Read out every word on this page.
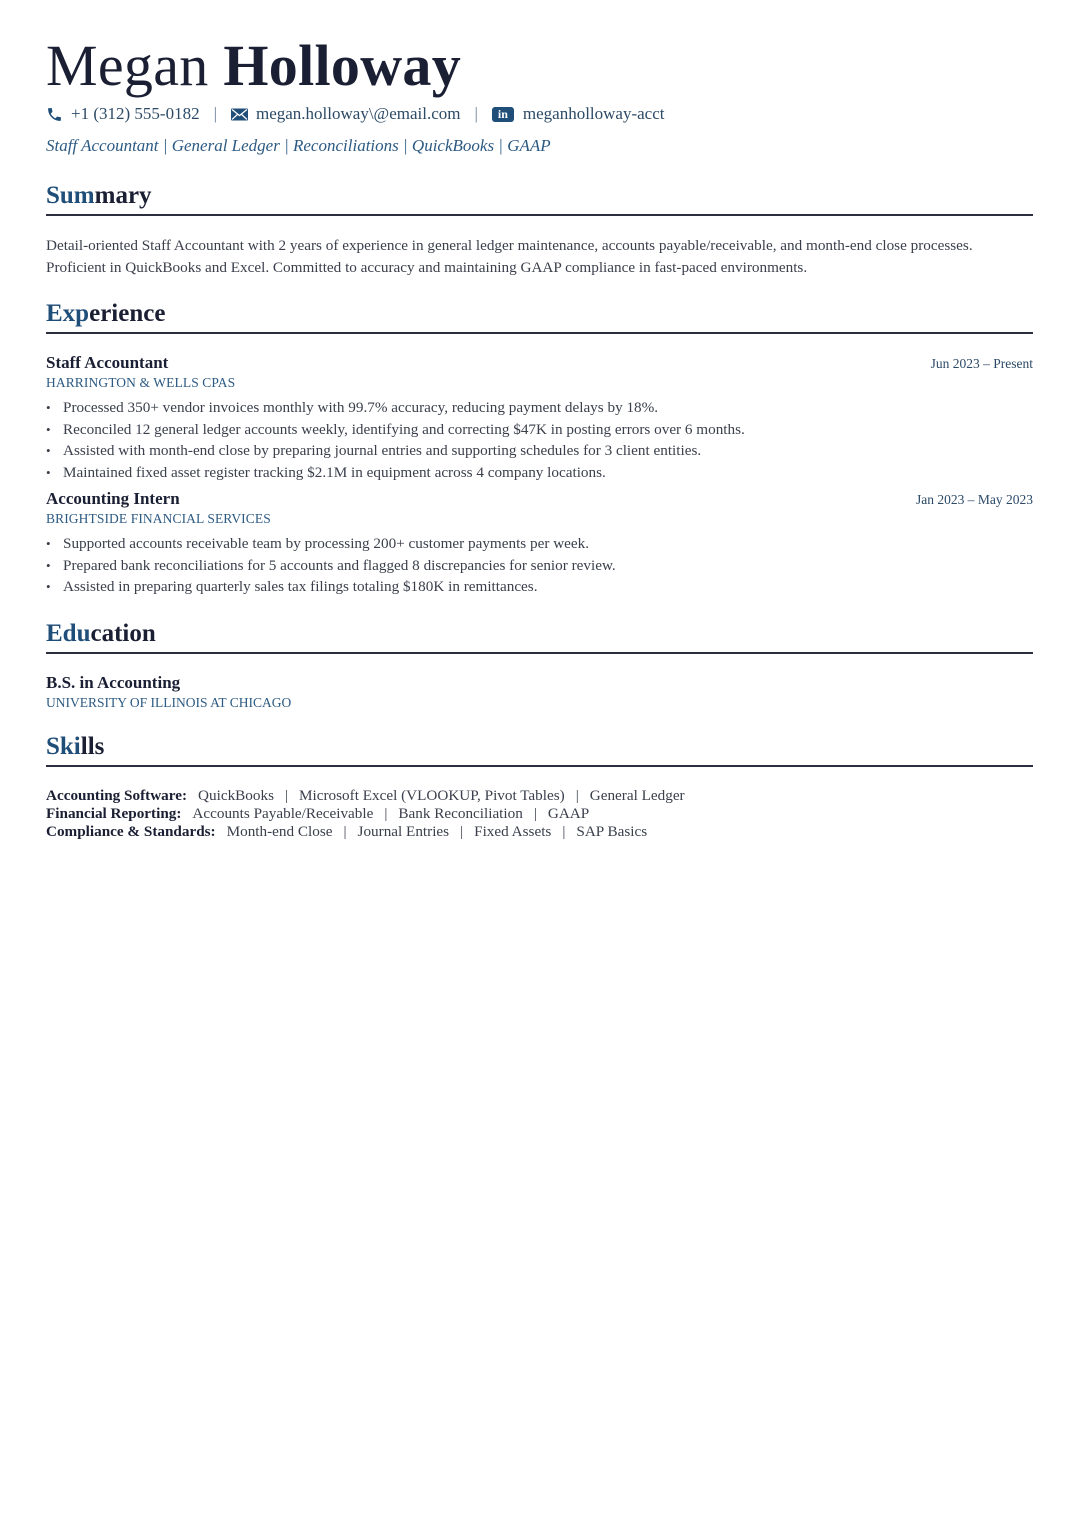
Megan Holloway
+1 (312) 555-0182 | megan.holloway\@email.com |	in meganholloway-acct
Staff Accountant | General Ledger | Reconciliations | QuickBooks | GAAP
Summary

Detail-oriented Staff Accountant with 2 years of experience in general ledger maintenance, accounts payable/receivable, and month-end close processes. Proficient in QuickBooks and Excel. Committed to accuracy and maintaining GAAP compliance in fast-paced environments.

Experience
Staff Accountant	Jun 2023 – Present
HARRINGTON & WELLS CPAS
• Processed 350+ vendor invoices monthly with 99.7% accuracy, reducing payment delays by 18%.
• Reconciled 12 general ledger accounts weekly, identifying and correcting $47K in posting errors over 6 months.
• Assisted with month-end close by preparing journal entries and supporting schedules for 3 client entities.
• Maintained fixed asset register tracking $2.1M in equipment across 4 company locations.
Accounting Intern	Jan 2023 – May 2023
BRIGHTSIDE FINANCIAL SERVICES
• Supported accounts receivable team by processing 200+ customer payments per week.
• Prepared bank reconciliations for 5 accounts and flagged 8 discrepancies for senior review.
• Assisted in preparing quarterly sales tax filings totaling $180K in remittances.
Education
B.S. in Accounting
UNIVERSITY OF ILLINOIS AT CHICAGO
Skills
Accounting Software: QuickBooks | Microsoft Excel (VLOOKUP, Pivot Tables) | General Ledger
Financial Reporting: Accounts Payable/Receivable | Bank Reconciliation | GAAP
Compliance & Standards: Month-end Close | Journal Entries | Fixed Assets | SAP Basics
